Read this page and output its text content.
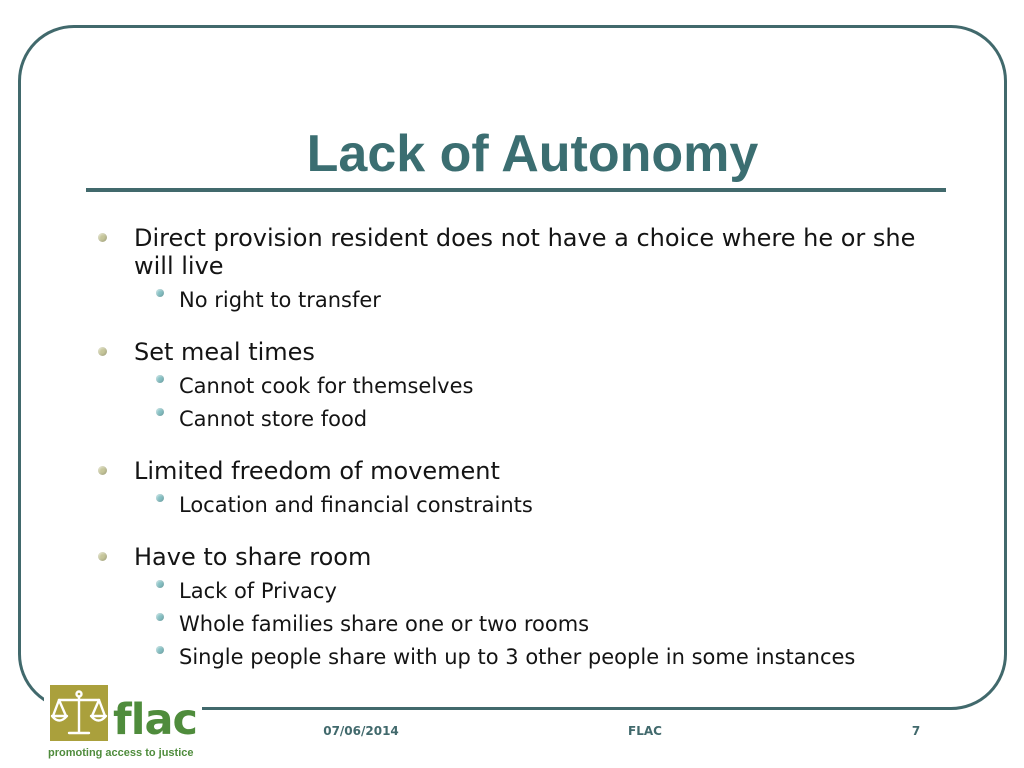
Lack of Autonomy
Direct provision resident does not have a choice where he or she will live
No right to transfer
Set meal times
Cannot cook for themselves
Cannot store food
Limited freedom of movement
Location and financial constraints
Have to share room
Lack of Privacy
Whole families share one or two rooms
Single people share with up to 3 other people in some instances
flac
promoting access to justice
07/06/2014	FLAC	7
